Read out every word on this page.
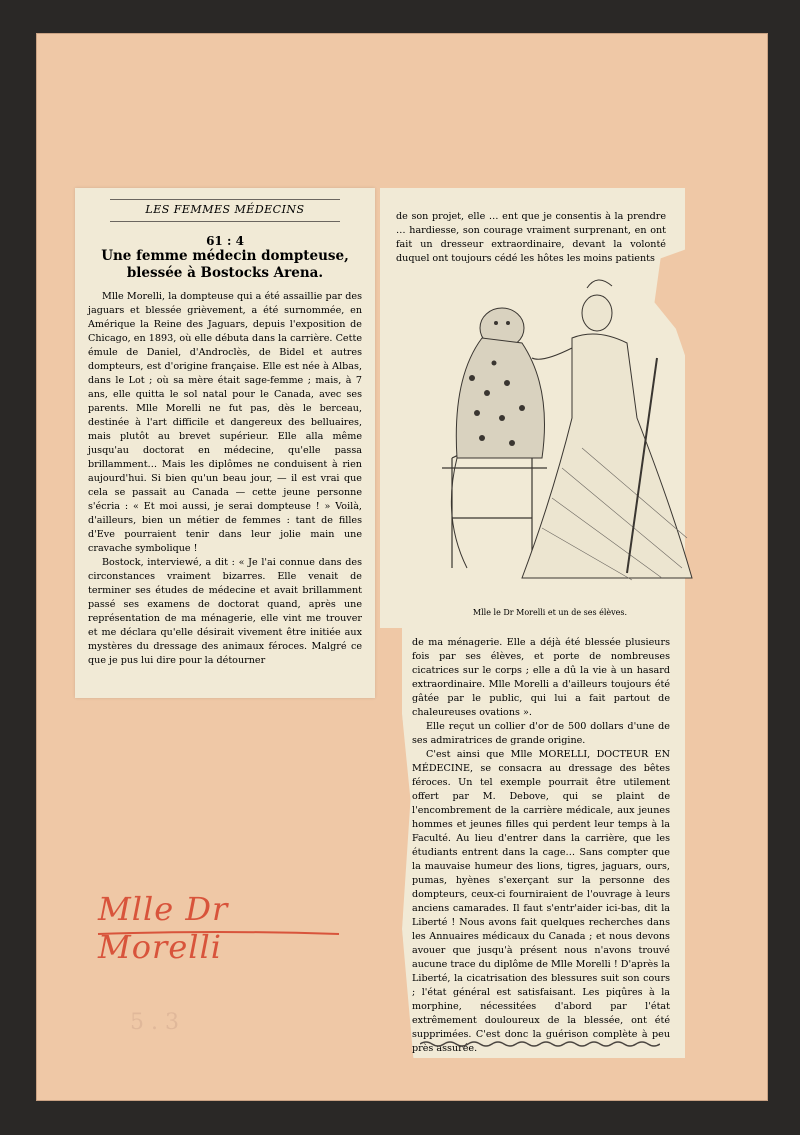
LES FEMMES MÉDECINS
61 : 4
Une femme médecin dompteuse, blessée à Bostocks Arena.

Mlle Morelli, la dompteuse qui a été assaillie par des jaguars et blessée grièvement, a été surnommée, en Amérique la Reine des Jaguars, depuis l'exposition de Chicago, en 1893, où elle débuta dans la carrière. Cette émule de Daniel, d'Androclès, de Bidel et autres dompteurs, est d'origine française. Elle est née à Albas, dans le Lot ; où sa mère était sage-femme ; mais, à 7 ans, elle quitta le sol natal pour le Canada, avec ses parents. Mlle Morelli ne fut pas, dès le berceau, destinée à l'art difficile et dangereux des belluaires, mais plutôt au brevet supérieur. Elle alla même jusqu'au doctorat en médecine, qu'elle passa brillamment… Mais les diplômes ne conduisent à rien aujourd'hui. Si bien qu'un beau jour, — il est vrai que cela se passait au Canada — cette jeune personne s'écria : « Et moi aussi, je serai dompteuse ! » Voilà, d'ailleurs, bien un métier de femmes : tant de filles d'Eve pourraient tenir dans leur jolie main une cravache symbolique !

Bostock, interviewé, a dit : « Je l'ai connue dans des circonstances vraiment bizarres. Elle venait de terminer ses études de médecine et avait brillamment passé ses examens de doctorat quand, après une représentation de ma ménagerie, elle vint me trouver et me déclara qu'elle désirait vivement être initiée aux mystères du dressage des animaux féroces. Malgré ce que je pus lui dire pour la détourner

de son projet, elle … ent que je consentis à la prendre … hardiesse, son courage vraiment surprenant, en ont fait un dresseur extraordinaire, devant la volonté duquel ont toujours cédé les hôtes les moins patients
Mlle le Dr Morelli et un de ses élèves.

de ma ménagerie. Elle a déjà été blessée plusieurs fois par ses élèves, et porte de nombreuses cicatrices sur le corps ; elle a dû la vie à un hasard extraordinaire. Mlle Morelli a d'ailleurs toujours été gâtée par le public, qui lui a fait partout de chaleureuses ovations ».

Elle reçut un collier d'or de 500 dollars d'une de ses admiratrices de grande origine.

C'est ainsi que Mlle MORELLI, DOCTEUR EN MÉDECINE, se consacra au dressage des bêtes féroces. Un tel exemple pourrait être utilement offert par M. Debove, qui se plaint de l'encombrement de la carrière médicale, aux jeunes hommes et jeunes filles qui perdent leur temps à la Faculté. Au lieu d'entrer dans la carrière, que les étudiants entrent dans la cage… Sans compter que la mauvaise humeur des lions, tigres, jaguars, ours, pumas, hyènes s'exerçant sur la personne des dompteurs, ceux-ci fourniraient de l'ouvrage à leurs anciens camarades. Il faut s'entr'aider ici-bas, dit la Liberté ! Nous avons fait quelques recherches dans les Annuaires médicaux du Canada ; et nous devons avouer que jusqu'à présent nous n'avons trouvé aucune trace du diplôme de Mlle Morelli ! D'après la Liberté, la cicatrisation des blessures suit son cours ; l'état général est satisfaisant. Les piqûres à la morphine, nécessitées d'abord par l'état extrêmement douloureux de la blessée, ont été supprimées. C'est donc la guérison complète à peu près assurée.

Mlle Dr Morelli
5 . 3
